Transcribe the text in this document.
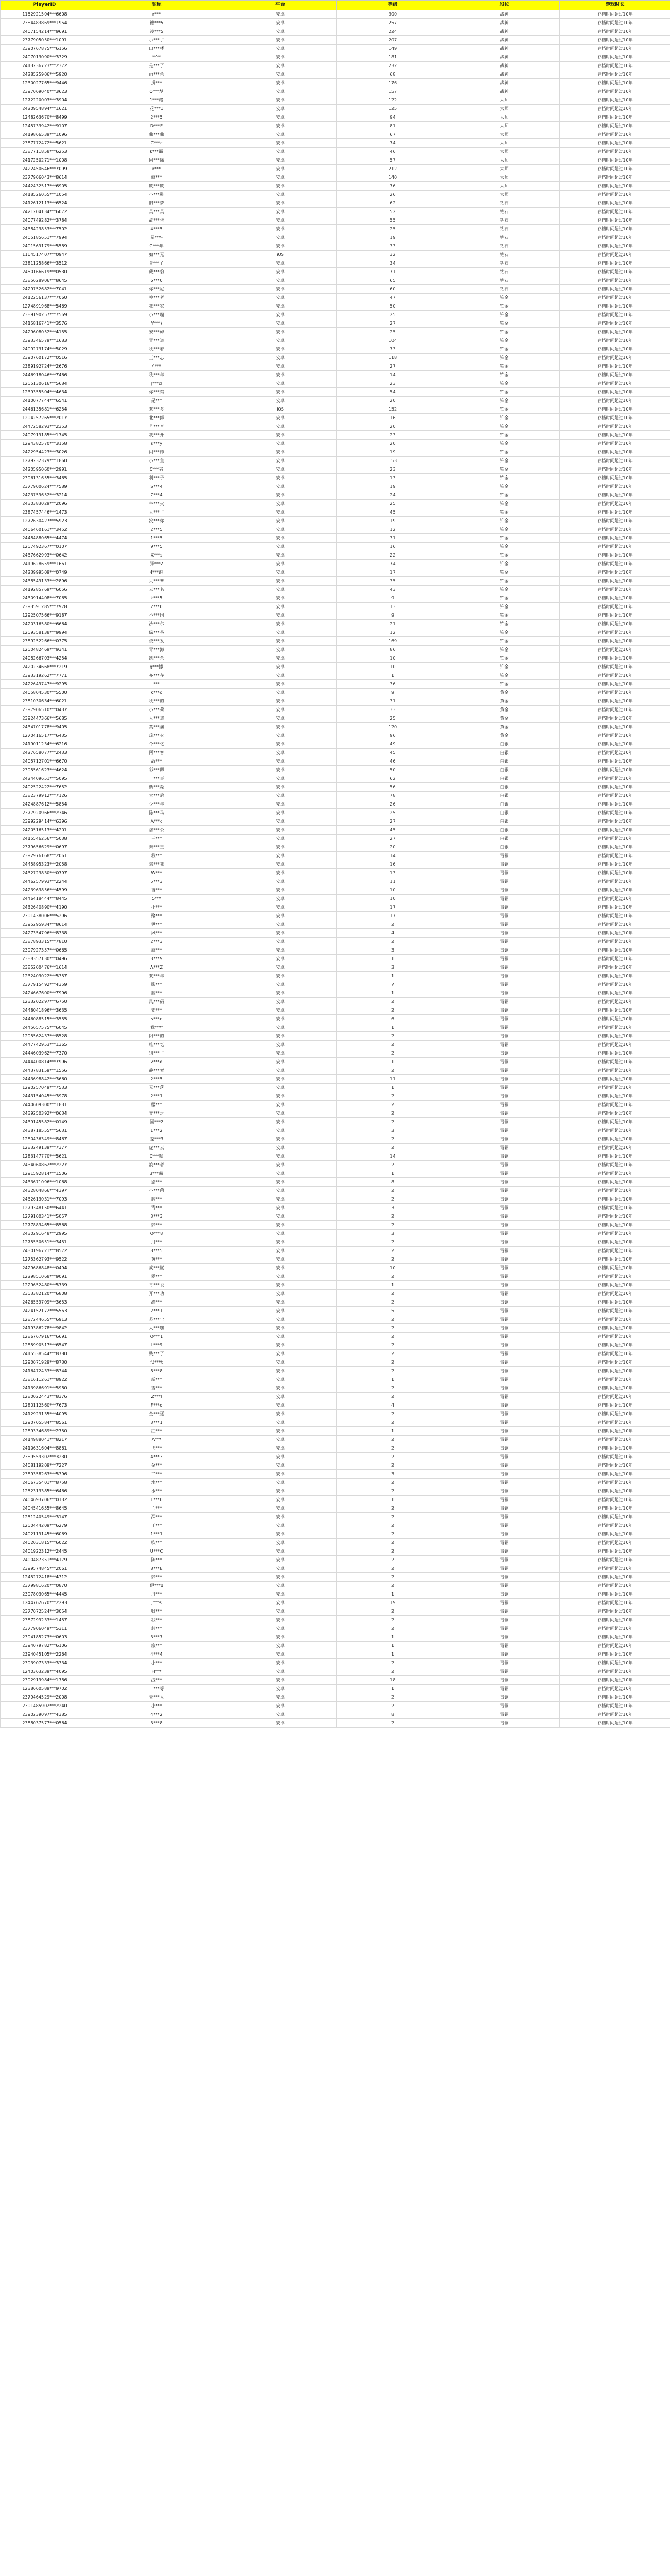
PlayerID	昵称	平台	等级	段位	游戏时长
1152921504***6608	r***	安卓	300	战神	存档时间超过10年
2384483869***1954	德***5	安卓	257	战神	存档时间超过10年
2407154214***9691	凌***5	安卓	224	战神	存档时间超过10年
2377905050***1091	小***了	安卓	207	战神	存档时间超过10年
2390767875***6156	山***楼	安卓	149	战神	存档时间超过10年
2407013090***3329	*^*	安卓	181	战神	存档时间超过10年
2413236723***2372	是***了	安卓	232	战神	存档时间超过10年
2428525906***5920	雨***色	安卓	68	战神	存档时间超过10年
1230027765***9446	拼***	安卓	176	战神	存档时间超过10年
2397069040***3623	Q***梦	安卓	157	战神	存档时间超过10年
1272220003***3904	1***路	安卓	122	大师	存档时间超过10年
2420954894***1621	花***1	安卓	125	大师	存档时间超过10年
1248263670***8499	2***5	安卓	94	大师	存档时间超过10年
1245733942***9107	D***E	安卓	81	大师	存档时间超过10年
2419866539***1096	鼎***鼎	安卓	67	大师	存档时间超过10年
2387772472***5621	C***c	安卓	74	大师	存档时间超过10年
2387711858***6253	k***霸	安卓	46	大师	存档时间超过10年
2417250271***1008	因***际	安卓	57	大师	存档时间超过10年
2422450646***7099	r***	安卓	212	大师	存档时间超过10年
2377906043***8614	疯***	安卓	140	大师	存档时间超过10年
2442432517***6905	欧***欧	安卓	76	大师	存档时间超过10年
2418526055***1054	小***鞋	安卓	26	大师	存档时间超过10年
2412612113***6524	旧***梦	安卓	62	钻石	存档时间超过10年
2421204134***6072	吴***吴	安卓	52	钻石	存档时间超过10年
2407749282***3784	故***蛋	安卓	55	钻石	存档时间超过10年
2438423853***7502	4***5	安卓	25	钻石	存档时间超过10年
2405185651***7994	星***-	安卓	19	钻石	存档时间超过10年
2401569179***5589	G***年	安卓	33	钻石	存档时间超过10年
1164517407***0947	如***无	iOS	32	钻石	存档时间超过10年
2381125866***3512	X***了	安卓	34	钻石	存档时间超过10年
2450166619***0530	藏***豹	安卓	71	钻石	存档时间超过10年
2385628906***8645	6***0	安卓	65	钻石	存档时间超过10年
2429752682***7041	你***尼	安卓	60	钻石	存档时间超过10年
2412256137***7060	神***者	安卓	47	铂金	存档时间超过10年
1274891968***5469	我***家	安卓	50	铂金	存档时间超过10年
2389190257***7569	小***嘴	安卓	25	铂金	存档时间超过10年
2415816741***3576	Y***)	安卓	27	铂金	存档时间超过10年
2429608052***4155	安***碍	安卓	25	铂金	存档时间超过10年
2393346579***1683	冒***道	安卓	104	铂金	存档时间超过10年
2409273174***5029	秋***着	安卓	73	铂金	存档时间超过10年
2390760172***0516	王***忘	安卓	118	铂金	存档时间超过10年
2389192724***2676	4***	安卓	27	铂金	存档时间超过10年
2446918046***7466	秋***年	安卓	14	铂金	存档时间超过10年
1255130616***5684	J***d	安卓	23	铂金	存档时间超过10年
1239355504***4634	你***鸡	安卓	54	铂金	存档时间超过10年
2410077744***6541	是***	安卓	20	铂金	存档时间超过10年
2446135681***6254	欢***多	iOS	152	铂金	存档时间超过10年
1294257265***2017	北***鲜	安卓	16	铂金	存档时间超过10年
2447258293***2353	号***音	安卓	20	铂金	存档时间超过10年
2407919185***1745	我***开	安卓	23	铂金	存档时间超过10年
1294382570***3158	s***y	安卓	20	铂金	存档时间超过10年
2422954423***3026	闪***帅	安卓	19	铂金	存档时间超过10年
1279232379***1860	小***鱼	安卓	153	铂金	存档时间超过10年
2420595060***2991	C***者	安卓	23	铂金	存档时间超过10年
2396131655***3465	利***子	安卓	13	铂金	存档时间超过10年
2377900624***7589	S***4	安卓	19	铂金	存档时间超过10年
2423759652***3214	7***4	安卓	24	铂金	存档时间超过10年
2430383029***2096	牛***火	安卓	25	铂金	存档时间超过10年
2387457446***1473	大***了	安卓	45	铂金	存档时间超过10年
1272630427***5923	没***你	安卓	19	铂金	存档时间超过10年
2406460161***3452	2***5	安卓	12	铂金	存档时间超过10年
2448488065***4474	1***5	安卓	31	铂金	存档时间超过10年
1257492367***0107	9***5	安卓	16	铂金	存档时间超过10年
2437662993***0642	X***s	安卓	22	铂金	存档时间超过10年
2419628659***1661	胖***Z	安卓	74	铂金	存档时间超过10年
2423999509***0749	4***踪	安卓	17	铂金	存档时间超过10年
2438549133***2896	贝***蒂	安卓	35	铂金	存档时间超过10年
2419285769***6056	云***名	安卓	43	铂金	存档时间超过10年
2430914408***7065	k***5	安卓	9	铂金	存档时间超过10年
2393591285***7978	2***0	安卓	13	铂金	存档时间超过10年
1292507566***9187	不***国	安卓	9	铂金	存档时间超过10年
2420316580***6664	沙***尔	安卓	21	铂金	存档时间超过10年
1259358138***9994	绿***茶	安卓	12	铂金	存档时间超过10年
2389252266***0375	烧***发	安卓	169	铂金	存档时间超过10年
1250482469***9341	青***海	安卓	86	铂金	存档时间超过10年
2408266703***4254	凯***余	安卓	10	铂金	存档时间超过10年
2420234668***7219	g***撒	安卓	10	铂金	存档时间超过10年
2393319262***7771	亦***存	安卓	1	铂金	存档时间超过10年
2422649747***9295	***	安卓	36	铂金	存档时间超过10年
2405804530***5500	k***o	安卓	9	黄金	存档时间超过10年
2381030634***6021	秋***的	安卓	31	黄金	存档时间超过10年
2397906510***0437	小***荷	安卓	33	黄金	存档时间超过10年
2392447366***5685	人***道	安卓	25	黄金	存档时间超过10年
2434701778***9405	莫***痛	安卓	120	黄金	存档时间超过10年
1270416517***6435	琉***衣	安卓	96	黄金	存档时间超过10年
2419011234***6216	今***忆	安卓	49	白银	存档时间超过10年
2427658077***2433	阿***客	安卓	45	白银	存档时间超过10年
2405712701***6670	故***	安卓	46	白银	存档时间超过10年
2395561623***4624	彩***卿	安卓	50	白银	存档时间超过10年
2424409651***5095	一***事	安卓	62	白银	存档时间超过10年
2402522422***7652	紫***淼	安卓	56	白银	存档时间超过10年
2382379912***7126	大***后	安卓	78	白银	存档时间超过10年
2424887612***5854	少***年	安卓	26	白银	存档时间超过10年
2377920966***2346	陈***马	安卓	25	白银	存档时间超过10年
2399229414***6396	A***c	安卓	27	白银	存档时间超过10年
2420516513***4201	痞***公	安卓	45	白银	存档时间超过10年
2415546256***5038	三***	安卓	27	白银	存档时间超过10年
2379656629***0697	秦***王	安卓	20	白银	存档时间超过10年
2392976168***2061	我***	安卓	14	青铜	存档时间超过10年
2445895323***2058	逃***我	安卓	16	青铜	存档时间超过10年
2432723830***0797	W***	安卓	13	青铜	存档时间超过10年
2446257993***2244	5***3	安卓	11	青铜	存档时间超过10年
2423963856***4599	鲁***	安卓	10	青铜	存档时间超过10年
2446418444***8445	5***	安卓	10	青铜	存档时间超过10年
2432640890***4190	小***	安卓	17	青铜	存档时间超过10年
2391438006***5296	聚***	安卓	17	青铜	存档时间超过10年
2395295934***8614	尹***	安卓	2	青铜	存档时间超过10年
2427354796***8338	风***	安卓	4	青铜	存档时间超过10年
2387893315***7810	2***3	安卓	2	青铜	存档时间超过10年
2397927357***0665	疯***	安卓	3	青铜	存档时间超过10年
2388357130***0496	3***9	安卓	1	青铜	存档时间超过10年
2385200476***1614	A***Z	安卓	3	青铜	存档时间超过10年
1232403022***5357	欢***年	安卓	1	青铜	存档时间超过10年
2377915492***4359	影***	安卓	7	青铜	存档时间超过10年
2424667600***7996	蓝***	安卓	1	青铜	存档时间超过10年
1233202297***6750	风***码	安卓	2	青铜	存档时间超过10年
2448041896***3635	姜***	安卓	2	青铜	存档时间超过10年
2446088515***3555	s***c	安卓	6	青铜	存档时间超过10年
2445657575***6045	我***f	安卓	1	青铜	存档时间超过10年
1295562437***8528	阳***的	安卓	2	青铜	存档时间超过10年
2447742953***1365	唯***忆	安卓	2	青铜	存档时间超过10年
2444603962***7370	别***了	安卓	2	青铜	存档时间超过10年
2444400814***7996	v***e	安卓	1	青铜	存档时间超过10年
2443783159***1556	静***素	安卓	2	青铜	存档时间超过10年
2443698842***3660	2***5	安卓	11	青铜	存档时间超过10年
1290257049***7533	无***落	安卓	1	青铜	存档时间超过10年
2443154045***3978	2***1	安卓	2	青铜	存档时间超过10年
2440609300***1831	樱***	安卓	2	青铜	存档时间超过10年
2439250392***0634	壹***之	安卓	2	青铜	存档时间超过10年
2439145582***0149	国***2	安卓	2	青铜	存档时间超过10年
2438718555***5631	1***2	安卓	3	青铜	存档时间超过10年
1280436349***8467	爱***3	安卓	2	青铜	存档时间超过10年
1283249139***7377	虚***云	安卓	2	青铜	存档时间超过10年
1283147770***5621	C***咖	安卓	14	青铜	存档时间超过10年
2434060862***2227	浪***者	安卓	2	青铜	存档时间超过10年
1291592814***1506	3***藏	安卓	1	青铜	存档时间超过10年
2433671096***1068	恩***	安卓	8	青铜	存档时间超过10年
2432804866***4397	小***菌	安卓	2	青铜	存档时间超过10年
2432613031***7093	蓝***	安卓	2	青铜	存档时间超过10年
1279348150***6441	青***	安卓	3	青铜	存档时间超过10年
1279100341***5057	3***3	安卓	2	青铜	存档时间超过10年
1277883465***8568	梦***	安卓	2	青铜	存档时间超过10年
2430291648***2995	Q***8	安卓	3	青铜	存档时间超过10年
1275550651***3451	月***	安卓	2	青铜	存档时间超过10年
2430196721***8572	8***5	安卓	2	青铜	存档时间超过10年
1275362793***9522	黄***	安卓	2	青铜	存档时间超过10年
2429686848***0494	疯***腻	安卓	10	青铜	存档时间超过10年
1229851068***9091	爱***	安卓	2	青铜	存档时间超过10年
1229652480***5739	青***说	安卓	1	青铜	存档时间超过10年
2353382120***6808	开***功	安卓	2	青铜	存档时间超过10年
2426559709***3653	漂***	安卓	2	青铜	存档时间超过10年
2424152172***5563	2***1	安卓	5	青铜	存档时间超过10年
1287244655***6913	苏***尘	安卓	2	青铜	存档时间超过10年
2419386278***9842	大***嘿	安卓	2	青铜	存档时间超过10年
1286767916***6691	Q***1	安卓	2	青铜	存档时间超过10年
1285990517***6547	L***9	安卓	2	青铜	存档时间超过10年
2415538544***8780	贱***了	安卓	2	青铜	存档时间超过10年
1290071929***8730	没***t	安卓	2	青铜	存档时间超过10年
2416472433***8344	8***8	安卓	2	青铜	存档时间超过10年
2381611261***8922	新***	安卓	1	青铜	存档时间超过10年
2413986691***5980	雪***	安卓	2	青铜	存档时间超过10年
1280022443***8376	Z***I	安卓	2	青铜	存档时间超过10年
1280112560***7673	F***o	安卓	4	青铜	存档时间超过10年
2412923135***4095	金***逐	安卓	2	青铜	存档时间超过10年
1290705584***8561	3***1	安卓	2	青铜	存档时间超过10年
1289334689***2750	红***	安卓	1	青铜	存档时间超过10年
2414988041***8217	A***	安卓	2	青铜	存档时间超过10年
2410631604***8861	飞***	安卓	2	青铜	存档时间超过10年
2389559302***3230	4***3	安卓	2	青铜	存档时间超过10年
2408119209***7227	金***	安卓	2	青铜	存档时间超过10年
2389358263***5396	二***	安卓	3	青铜	存档时间超过10年
2406735401***8758	水***	安卓	2	青铜	存档时间超过10年
1252313385***6466	水***	安卓	2	青铜	存档时间超过10年
2404693706***0132	1***0	安卓	1	青铜	存档时间超过10年
2404541655***8645	亡***	安卓	2	青铜	存档时间超过10年
1251240549***3147	深***	安卓	2	青铜	存档时间超过10年
1250444209***6279	王***	安卓	2	青铜	存档时间超过10年
2402119145***6069	1***1	安卓	2	青铜	存档时间超过10年
2402031815***6022	吹***	安卓	2	青铜	存档时间超过10年
2401922312***2445	U***C	安卓	2	青铜	存档时间超过10年
2400487351***4179	陈***	安卓	2	青铜	存档时间超过10年
2399574845***2061	8***E	安卓	2	青铜	存档时间超过10年
1245272418***4312	梦***	安卓	2	青铜	存档时间超过10年
2379981620***0870	伊***d	安卓	2	青铜	存档时间超过10年
2397803065***4445	丹***	安卓	1	青铜	存档时间超过10年
1244762670***2293	J***s	安卓	19	青铜	存档时间超过10年
2377072524***3054	卿***	安卓	2	青铜	存档时间超过10年
2387299233***1457	我***	安卓	2	青铜	存档时间超过10年
2377906049***5311	蓝***	安卓	2	青铜	存档时间超过10年
2394185273***0603	3***7	安卓	1	青铜	存档时间超过10年
2394079782***6106	寂***	安卓	1	青铜	存档时间超过10年
2394045105***2264	4***4	安卓	1	青铜	存档时间超过10年
2393907333***3334	小***	安卓	2	青铜	存档时间超过10年
1240363239***4095	H***	安卓	2	青铜	存档时间超过10年
2392919984***1786	浅***	安卓	18	青铜	存档时间超过10年
1238660589***9702	一***等	安卓	1	青铜	存档时间超过10年
2379464529***2008	天***人	安卓	2	青铜	存档时间超过10年
2391485902***2240	小***	安卓	2	青铜	存档时间超过10年
2390239097***4385	4***2	安卓	8	青铜	存档时间超过10年
2388037577***0564	3***8	安卓	2	青铜	存档时间超过10年
